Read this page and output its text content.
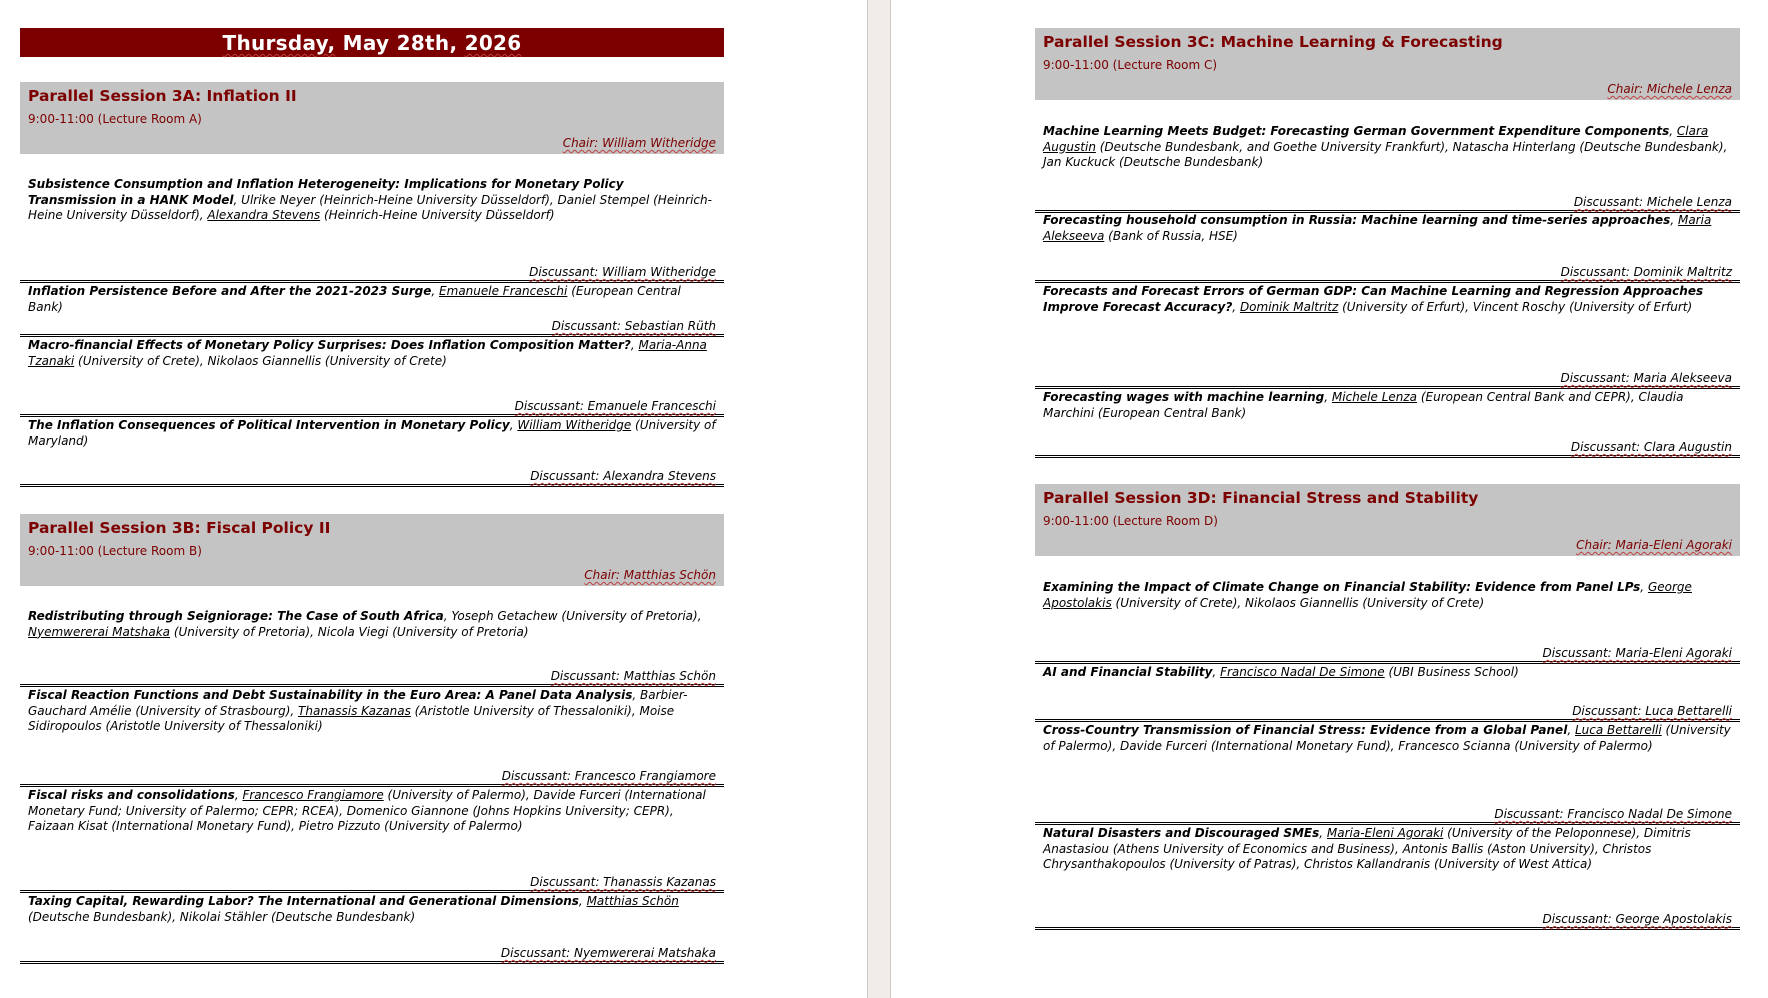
Thursday, May 28th, 2026
Parallel Session 3A: Inflation II
9:00-11:00 (Lecture Room A)
Chair: William Witheridge
Subsistence Consumption and Inflation Heterogeneity: Implications for Monetary Policy Transmission in a HANK Model, Ulrike Neyer (Heinrich-Heine University Düsseldorf), Daniel Stempel (Heinrich-Heine University Düsseldorf), Alexandra Stevens (Heinrich-Heine University Düsseldorf)
Discussant: William Witheridge
Inflation Persistence Before and After the 2021-2023 Surge, Emanuele Franceschi (European Central Bank)
Discussant: Sebastian Rüth
Macro-financial Effects of Monetary Policy Surprises: Does Inflation Composition Matter?, Maria-Anna Tzanaki (University of Crete), Nikolaos Giannellis (University of Crete)
Discussant: Emanuele Franceschi
The Inflation Consequences of Political Intervention in Monetary Policy, William Witheridge (University of Maryland)
Discussant: Alexandra Stevens
Parallel Session 3B: Fiscal Policy II
9:00-11:00 (Lecture Room B)
Chair: Matthias Schön
Redistributing through Seigniorage: The Case of South Africa, Yoseph Getachew (University of Pretoria), Nyemwererai Matshaka (University of Pretoria), Nicola Viegi (University of Pretoria)
Discussant: Matthias Schön
Fiscal Reaction Functions and Debt Sustainability in the Euro Area: A Panel Data Analysis, Barbier-Gauchard Amélie (University of Strasbourg), Thanassis Kazanas (Aristotle University of Thessaloniki), Moise Sidiropoulos (Aristotle University of Thessaloniki)
Discussant: Francesco Frangiamore
Fiscal risks and consolidations, Francesco Frangiamore (University of Palermo), Davide Furceri (International Monetary Fund; University of Palermo; CEPR; RCEA), Domenico Giannone (Johns Hopkins University; CEPR), Faizaan Kisat (International Monetary Fund), Pietro Pizzuto (University of Palermo)
Discussant: Thanassis Kazanas
Taxing Capital, Rewarding Labor? The International and Generational Dimensions, Matthias Schön (Deutsche Bundesbank), Nikolai Stähler (Deutsche Bundesbank)
Discussant: Nyemwererai Matshaka
Parallel Session 3C: Machine Learning & Forecasting
9:00-11:00 (Lecture Room C)
Chair: Michele Lenza
Machine Learning Meets Budget: Forecasting German Government Expenditure Components, Clara Augustin (Deutsche Bundesbank, and Goethe University Frankfurt), Natascha Hinterlang (Deutsche Bundesbank), Jan Kuckuck (Deutsche Bundesbank)
Discussant: Michele Lenza
Forecasting household consumption in Russia: Machine learning and time-series approaches, Maria Alekseeva (Bank of Russia, HSE)
Discussant: Dominik Maltritz
Forecasts and Forecast Errors of German GDP: Can Machine Learning and Regression Approaches Improve Forecast Accuracy?, Dominik Maltritz (University of Erfurt), Vincent Roschy (University of Erfurt)
Discussant: Maria Alekseeva
Forecasting wages with machine learning, Michele Lenza (European Central Bank and CEPR), Claudia Marchini (European Central Bank)
Discussant: Clara Augustin
Parallel Session 3D: Financial Stress and Stability
9:00-11:00 (Lecture Room D)
Chair: Maria-Eleni Agoraki
Examining the Impact of Climate Change on Financial Stability: Evidence from Panel LPs, George Apostolakis (University of Crete), Nikolaos Giannellis (University of Crete)
Discussant: Maria-Eleni Agoraki
AI and Financial Stability, Francisco Nadal De Simone (UBI Business School)
Discussant: Luca Bettarelli
Cross-Country Transmission of Financial Stress: Evidence from a Global Panel, Luca Bettarelli (University of Palermo), Davide Furceri (International Monetary Fund), Francesco Scianna (University of Palermo)
Discussant: Francisco Nadal De Simone
Natural Disasters and Discouraged SMEs, Maria-Eleni Agoraki (University of the Peloponnese), Dimitris Anastasiou (Athens University of Economics and Business), Antonis Ballis (Aston University), Christos Chrysanthakopoulos (University of Patras), Christos Kallandranis (University of West Attica)
Discussant: George Apostolakis
